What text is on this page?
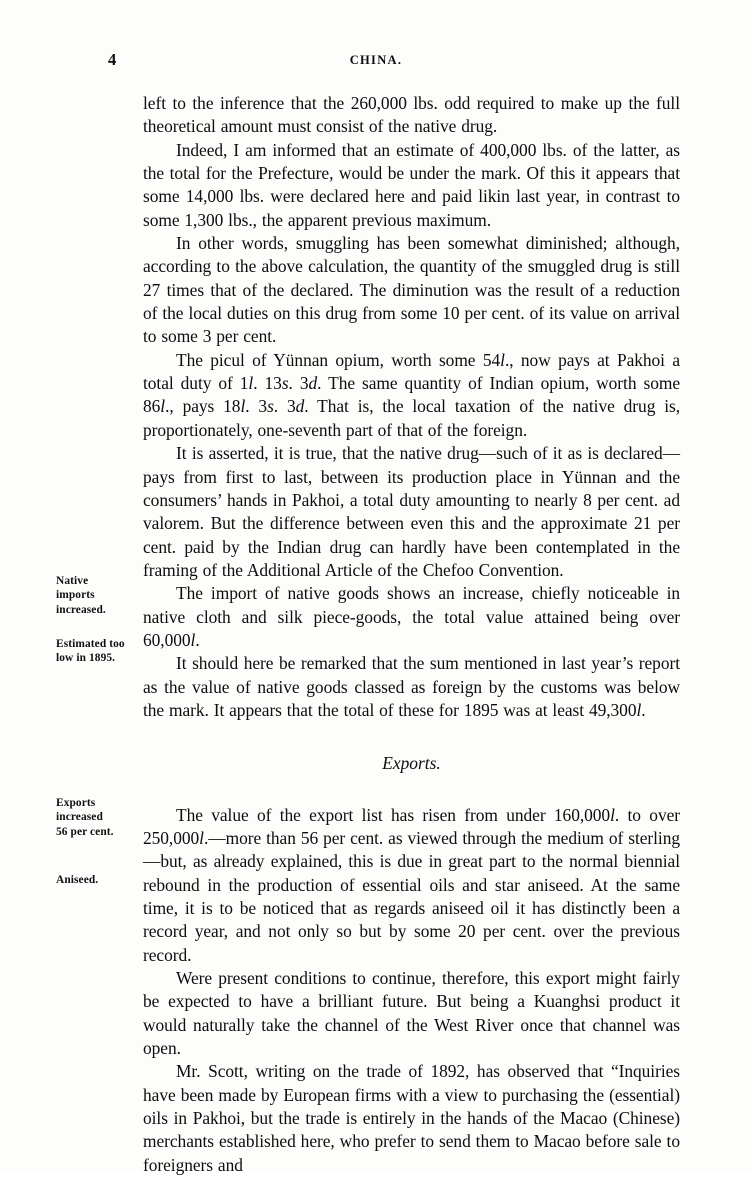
4	CHINA.
Native
imports
increased.
Estimated too
low in 1895.
Exports
increased
56 per cent.
Aniseed.

left to the inference that the 260,000 lbs. odd required to make up the full theoretical amount must consist of the native drug.

Indeed, I am informed that an estimate of 400,000 lbs. of the latter, as the total for the Prefecture, would be under the mark. Of this it appears that some 14,000 lbs. were declared here and paid likin last year, in contrast to some 1,300 lbs., the apparent previous maximum.

In other words, smuggling has been somewhat diminished; although, according to the above calculation, the quantity of the smuggled drug is still 27 times that of the declared. The diminution was the result of a reduction of the local duties on this drug from some 10 per cent. of its value on arrival to some 3 per cent.

The picul of Yünnan opium, worth some 54l., now pays at Pakhoi a total duty of 1l. 13s. 3d. The same quantity of Indian opium, worth some 86l., pays 18l. 3s. 3d. That is, the local taxation of the native drug is, proportionately, one-seventh part of that of the foreign.

It is asserted, it is true, that the native drug—such of it as is declared—pays from first to last, between its production place in Yünnan and the consumers’ hands in Pakhoi, a total duty amounting to nearly 8 per cent. ad valorem. But the difference between even this and the approximate 21 per cent. paid by the Indian drug can hardly have been contemplated in the framing of the Additional Article of the Chefoo Convention.

The import of native goods shows an increase, chiefly noticeable in native cloth and silk piece-goods, the total value attained being over 60,000l.

It should here be remarked that the sum mentioned in last year’s report as the value of native goods classed as foreign by the customs was below the mark. It appears that the total of these for 1895 was at least 49,300l.

Exports.

The value of the export list has risen from under 160,000l. to over 250,000l.—more than 56 per cent. as viewed through the medium of sterling—but, as already explained, this is due in great part to the normal biennial rebound in the production of essential oils and star aniseed. At the same time, it is to be noticed that as regards aniseed oil it has distinctly been a record year, and not only so but by some 20 per cent. over the previous record.

Were present conditions to continue, therefore, this export might fairly be expected to have a brilliant future. But being a Kuanghsi product it would naturally take the channel of the West River once that channel was open.

Mr. Scott, writing on the trade of 1892, has observed that “Inquiries have been made by European firms with a view to purchasing the (essential) oils in Pakhoi, but the trade is entirely in the hands of the Macao (Chinese) merchants established here, who prefer to send them to Macao before sale to foreigners and
